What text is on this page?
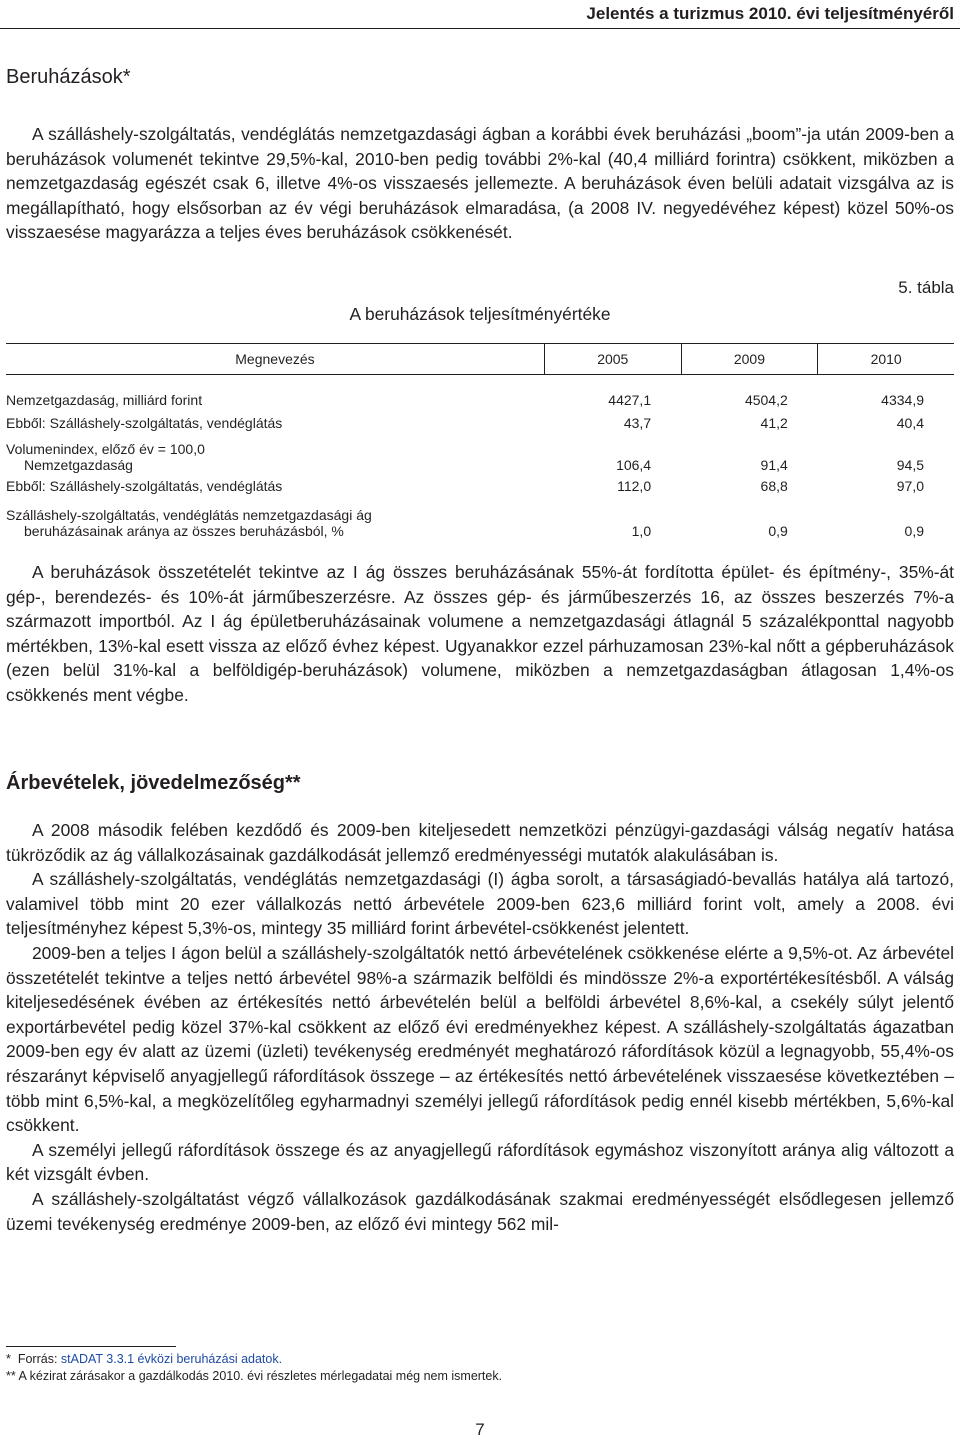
Jelentés a turizmus 2010. évi teljesítményéről
Beruházások*

A szálláshely-szolgáltatás, vendéglátás nemzetgazdasági ágban a korábbi évek beruházási „boom”-ja után 2009-ben a beruházások volumenét tekintve 29,5%-kal, 2010-ben pedig további 2%-kal (40,4 milliárd forintra) csökkent, miközben a nemzetgazdaság egészét csak 6, illetve 4%-os visszaesés jellemezte. A beruházások éven belüli adatait vizsgálva az is megállapítható, hogy elsősorban az év végi beruházások elmaradása, (a 2008 IV. negyedévéhez képest) közel 50%-os visszaesése magyarázza a teljes éves beruházások csökkenését.

5. tábla
A beruházások teljesítményértéke
Megnevezés	2005	2009	2010
Nemzetgazdaság, milliárd forint	4427,1	4504,2	4334,9
Ebből: Szálláshely-szolgáltatás, vendéglátás	43,7	41,2	40,4
Volumenindex, előző év = 100,0
Nemzetgazdaság	106,4	91,4	94,5
Ebből: Szálláshely-szolgáltatás, vendéglátás	112,0	68,8	97,0
Szálláshely-szolgáltatás, vendéglátás nemzetgazdasági ág
beruházásainak aránya az összes beruházásból, %	1,0	0,9	0,9

A beruházások összetételét tekintve az I ág összes beruházásának 55%-át fordította épület- és építmény-, 35%-át gép-, berendezés- és 10%-át járműbeszerzésre. Az összes gép- és járműbeszerzés 16, az összes beszerzés 7%-a származott importból. Az I ág épületberuházásainak volumene a nemzetgazdasági átlagnál 5 százalékponttal nagyobb mértékben, 13%-kal esett vissza az előző évhez képest. Ugyanakkor ezzel párhuzamosan 23%-kal nőtt a gépberuházások (ezen belül 31%-kal a belföldigép-beruházások) volumene, miközben a nemzetgazdaságban átlagosan 1,4%-os csökkenés ment végbe.

Árbevételek, jövedelmezőség**

A 2008 második felében kezdődő és 2009-ben kiteljesedett nemzetközi pénzügyi-gazdasági válság negatív hatása tükröződik az ág vállalkozásainak gazdálkodását jellemző eredményességi mutatók alakulásában is.

A szálláshely-szolgáltatás, vendéglátás nemzetgazdasági (I) ágba sorolt, a társaságiadó-bevallás hatálya alá tartozó, valamivel több mint 20 ezer vállalkozás nettó árbevétele 2009-ben 623,6 milliárd forint volt, amely a 2008. évi teljesítményhez képest 5,3%-os, mintegy 35 milliárd forint árbevétel-csökkenést jelentett.

2009-ben a teljes I ágon belül a szálláshely-szolgáltatók nettó árbevételének csökkenése elérte a 9,5%-ot. Az árbevétel összetételét tekintve a teljes nettó árbevétel 98%-a származik belföldi és mindössze 2%-a exportértékesítésből. A válság kiteljesedésének évében az értékesítés nettó árbevételén belül a belföldi árbevétel 8,6%-kal, a csekély súlyt jelentő exportárbevétel pedig közel 37%-kal csökkent az előző évi eredményekhez képest. A szálláshely-szolgáltatás ágazatban 2009-ben egy év alatt az üzemi (üzleti) tevékenység eredményét meghatározó ráfordítások közül a legnagyobb, 55,4%-os részarányt képviselő anyagjellegű ráfordítások összege – az értékesítés nettó árbevételének visszaesése következtében – több mint 6,5%-kal, a megközelítőleg egyharmadnyi személyi jellegű ráfordítások pedig ennél kisebb mértékben, 5,6%-kal csökkent.

A személyi jellegű ráfordítások összege és az anyagjellegű ráfordítások egymáshoz viszonyított aránya alig változott a két vizsgált évben.

A szálláshely-szolgáltatást végző vállalkozások gazdálkodásának szakmai eredményességét elsődlegesen jellemző üzemi tevékenység eredménye 2009-ben, az előző évi mintegy 562 mil-

* Forrás: stADAT 3.3.1 évközi beruházási adatok.
** A kézirat zárásakor a gazdálkodás 2010. évi részletes mérlegadatai még nem ismertek.
7
